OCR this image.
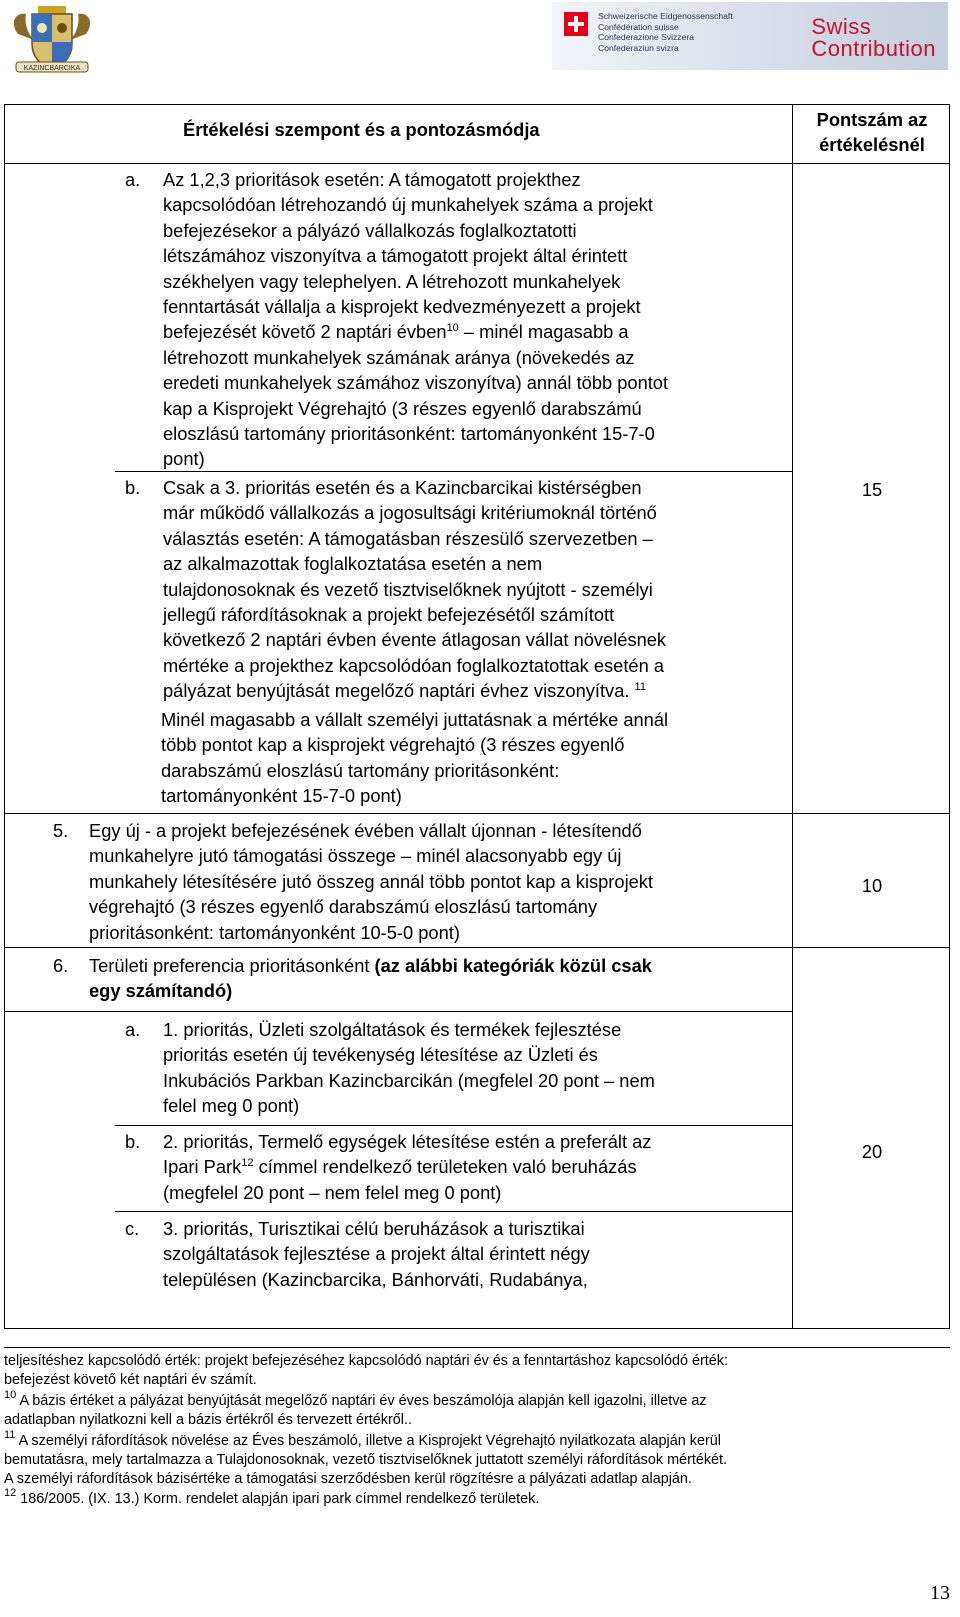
KAZINCBARCIKA
Schweizerische Eidgenossenschaft
Confédération suisse
Confederazione Svizzera
Confederaziun svizra
Swiss
Contribution
Értékelési szempont és a pontozásmódja	Pontszám az
értékelésnél
a. Az 1,2,3 prioritások esetén: A támogatott projekthez
kapcsolódóan létrehozandó új munkahelyek száma a projekt
befejezésekor a pályázó vállalkozás foglalkoztatotti
létszámához viszonyítva a támogatott projekt által érintett
székhelyen vagy telephelyen. A létrehozott munkahelyek
fenntartását vállalja a kisprojekt kedvezményezett a projekt
befejezését követő 2 naptári évben$^{10}$ – minél magasabb a
létrehozott munkahelyek számának aránya (növekedés az
eredeti munkahelyek számához viszonyítva) annál több pontot
kap a Kisprojekt Végrehajtó (3 részes egyenlő darabszámú
eloszlású tartomány prioritásonként: tartományonként 15-7-0
pont)
b. Csak a 3. prioritás esetén és a Kazincbarcikai kistérségben
már működő vállalkozás a jogosultsági kritériumoknál történő
választás esetén: A támogatásban részesülő szervezetben –
az alkalmazottak foglalkoztatása esetén a nem
tulajdonosoknak és vezető tisztviselőknek nyújtott - személyi
jellegű ráfordításoknak a projekt befejezésétől számított
következő 2 naptári évben évente átlagosan vállat növelésnek
mértéke a projekthez kapcsolódóan foglalkoztatottak esetén a
pályázat benyújtását megelőző naptári évhez viszonyítva. $^{11}$
Minél magasabb a vállalt személyi juttatásnak a mértéke annál
több pontot kap a kisprojekt végrehajtó (3 részes egyenlő
darabszámú eloszlású tartomány prioritásonként:
tartományonként 15-7-0 pont)
15
5. Egy új - a projekt befejezésének évében vállalt újonnan - létesítendő
munkahelyre jutó támogatási összege – minél alacsonyabb egy új
munkahely létesítésére jutó összeg annál több pontot kap a kisprojekt
végrehajtó (3 részes egyenlő darabszámú eloszlású tartomány
prioritásonként: tartományonként 10-5-0 pont)
10
6. Területi preferencia prioritásonként (az alábbi kategóriák közül csak
egy számítandó)
a. 1. prioritás, Üzleti szolgáltatások és termékek fejlesztése
prioritás esetén új tevékenység létesítése az Üzleti és
Inkubációs Parkban Kazincbarcikán (megfelel 20 pont – nem
felel meg 0 pont)
b. 2. prioritás, Termelő egységek létesítése estén a preferált az
Ipari Park$^{12}$ címmel rendelkező területeken való beruházás
(megfelel 20 pont – nem felel meg 0 pont)
c. 3. prioritás, Turisztikai célú beruházások a turisztikai
szolgáltatások fejlesztése a projekt által érintett négy
településen (Kazincbarcika, Bánhorváti, Rudabánya,
20
teljesítéshez kapcsolódó érték: projekt befejezéséhez kapcsolódó naptári év és a fenntartáshoz kapcsolódó érték:
befejezést követő két naptári év számít.
$^{10}$ A bázis értéket a pályázat benyújtását megelőző naptári év éves beszámolója alapján kell igazolni, illetve az
adatlapban nyilatkozni kell a bázis értékről és tervezett értékről..
$^{11}$ A személyi ráfordítások növelése az Éves beszámoló, illetve a Kisprojekt Végrehajtó nyilatkozata alapján kerül
bemutatásra, mely tartalmazza a Tulajdonosoknak, vezető tisztviselőknek juttatott személyi ráfordítások mértékét.
A személyi ráfordítások bázisértéke a támogatási szerződésben kerül rögzítésre a pályázati adatlap alapján.
$^{12}$ 186/2005. (IX. 13.) Korm. rendelet alapján ipari park címmel rendelkező területek.
13
